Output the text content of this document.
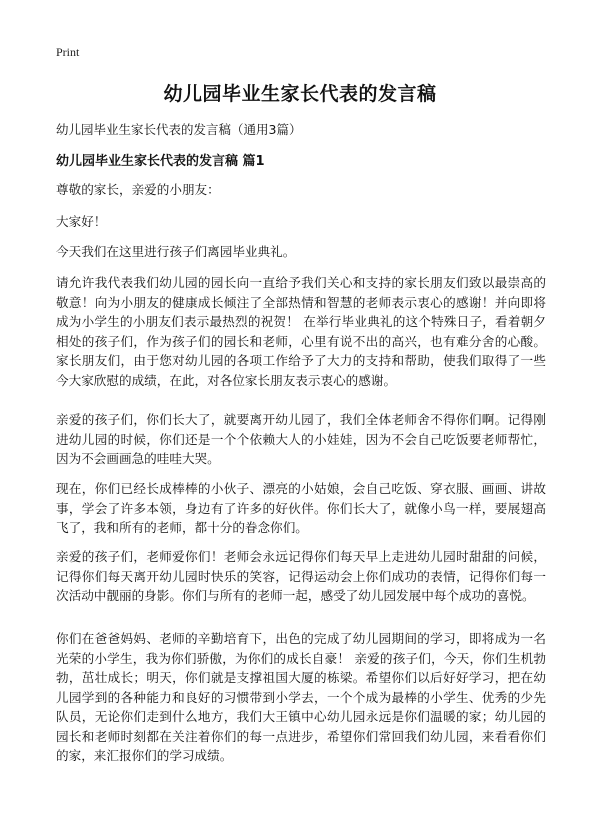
Print
幼儿园毕业生家长代表的发言稿

幼儿园毕业生家长代表的发言稿（通用3篇）

幼儿园毕业生家长代表的发言稿 篇1

尊敬的家长，亲爱的小朋友：

大家好！

今天我们在这里进行孩子们离园毕业典礼。

请允许我代表我们幼儿园的园长向一直给予我们关心和支持的家长朋友们致以最崇高的敬意！向为小朋友的健康成长倾注了全部热情和智慧的老师表示衷心的感谢！并向即将成为小学生的小朋友们表示最热烈的祝贺！ 在举行毕业典礼的这个特殊日子，看着朝夕相处的孩子们，作为孩子们的园长和老师，心里有说不出的高兴，也有难分舍的心酸。家长朋友们，由于您对幼儿园的各项工作给予了大力的支持和帮助，使我们取得了一些今大家欣慰的成绩，在此，对各位家长朋友表示衷心的感谢。

亲爱的孩子们，你们长大了，就要离开幼儿园了，我们全体老师舍不得你们啊。记得刚进幼儿园的时候，你们还是一个个依赖大人的小娃娃，因为不会自己吃饭要老师帮忙，因为不会画画急的哇哇大哭。

现在，你们已经长成棒棒的小伙子、漂亮的小姑娘，会自己吃饭、穿衣服、画画、讲故事，学会了许多本领，身边有了许多的好伙伴。你们长大了，就像小鸟一样，要展翅高飞了，我和所有的老师，都十分的眷念你们。

亲爱的孩子们，老师爱你们！老师会永远记得你们每天早上走进幼儿园时甜甜的问候，记得你们每天离开幼儿园时快乐的笑容，记得运动会上你们成功的表情，记得你们每一次活动中靓丽的身影。你们与所有的老师一起，感受了幼儿园发展中每个成功的喜悦。

你们在爸爸妈妈、老师的辛勤培育下，出色的完成了幼儿园期间的学习，即将成为一名光荣的小学生，我为你们骄傲，为你们的成长自豪！ 亲爱的孩子们，今天，你们生机勃勃，茁壮成长；明天，你们就是支撑祖国大厦的栋梁。希望你们以后好好学习，把在幼儿园学到的各种能力和良好的习惯带到小学去，一个个成为最棒的小学生、优秀的少先队员，无论你们走到什么地方，我们大王镇中心幼儿园永远是你们温暖的家；幼儿园的园长和老师时刻都在关注着你们的每一点进步，希望你们常回我们幼儿园，来看看你们的家，来汇报你们的学习成绩。
